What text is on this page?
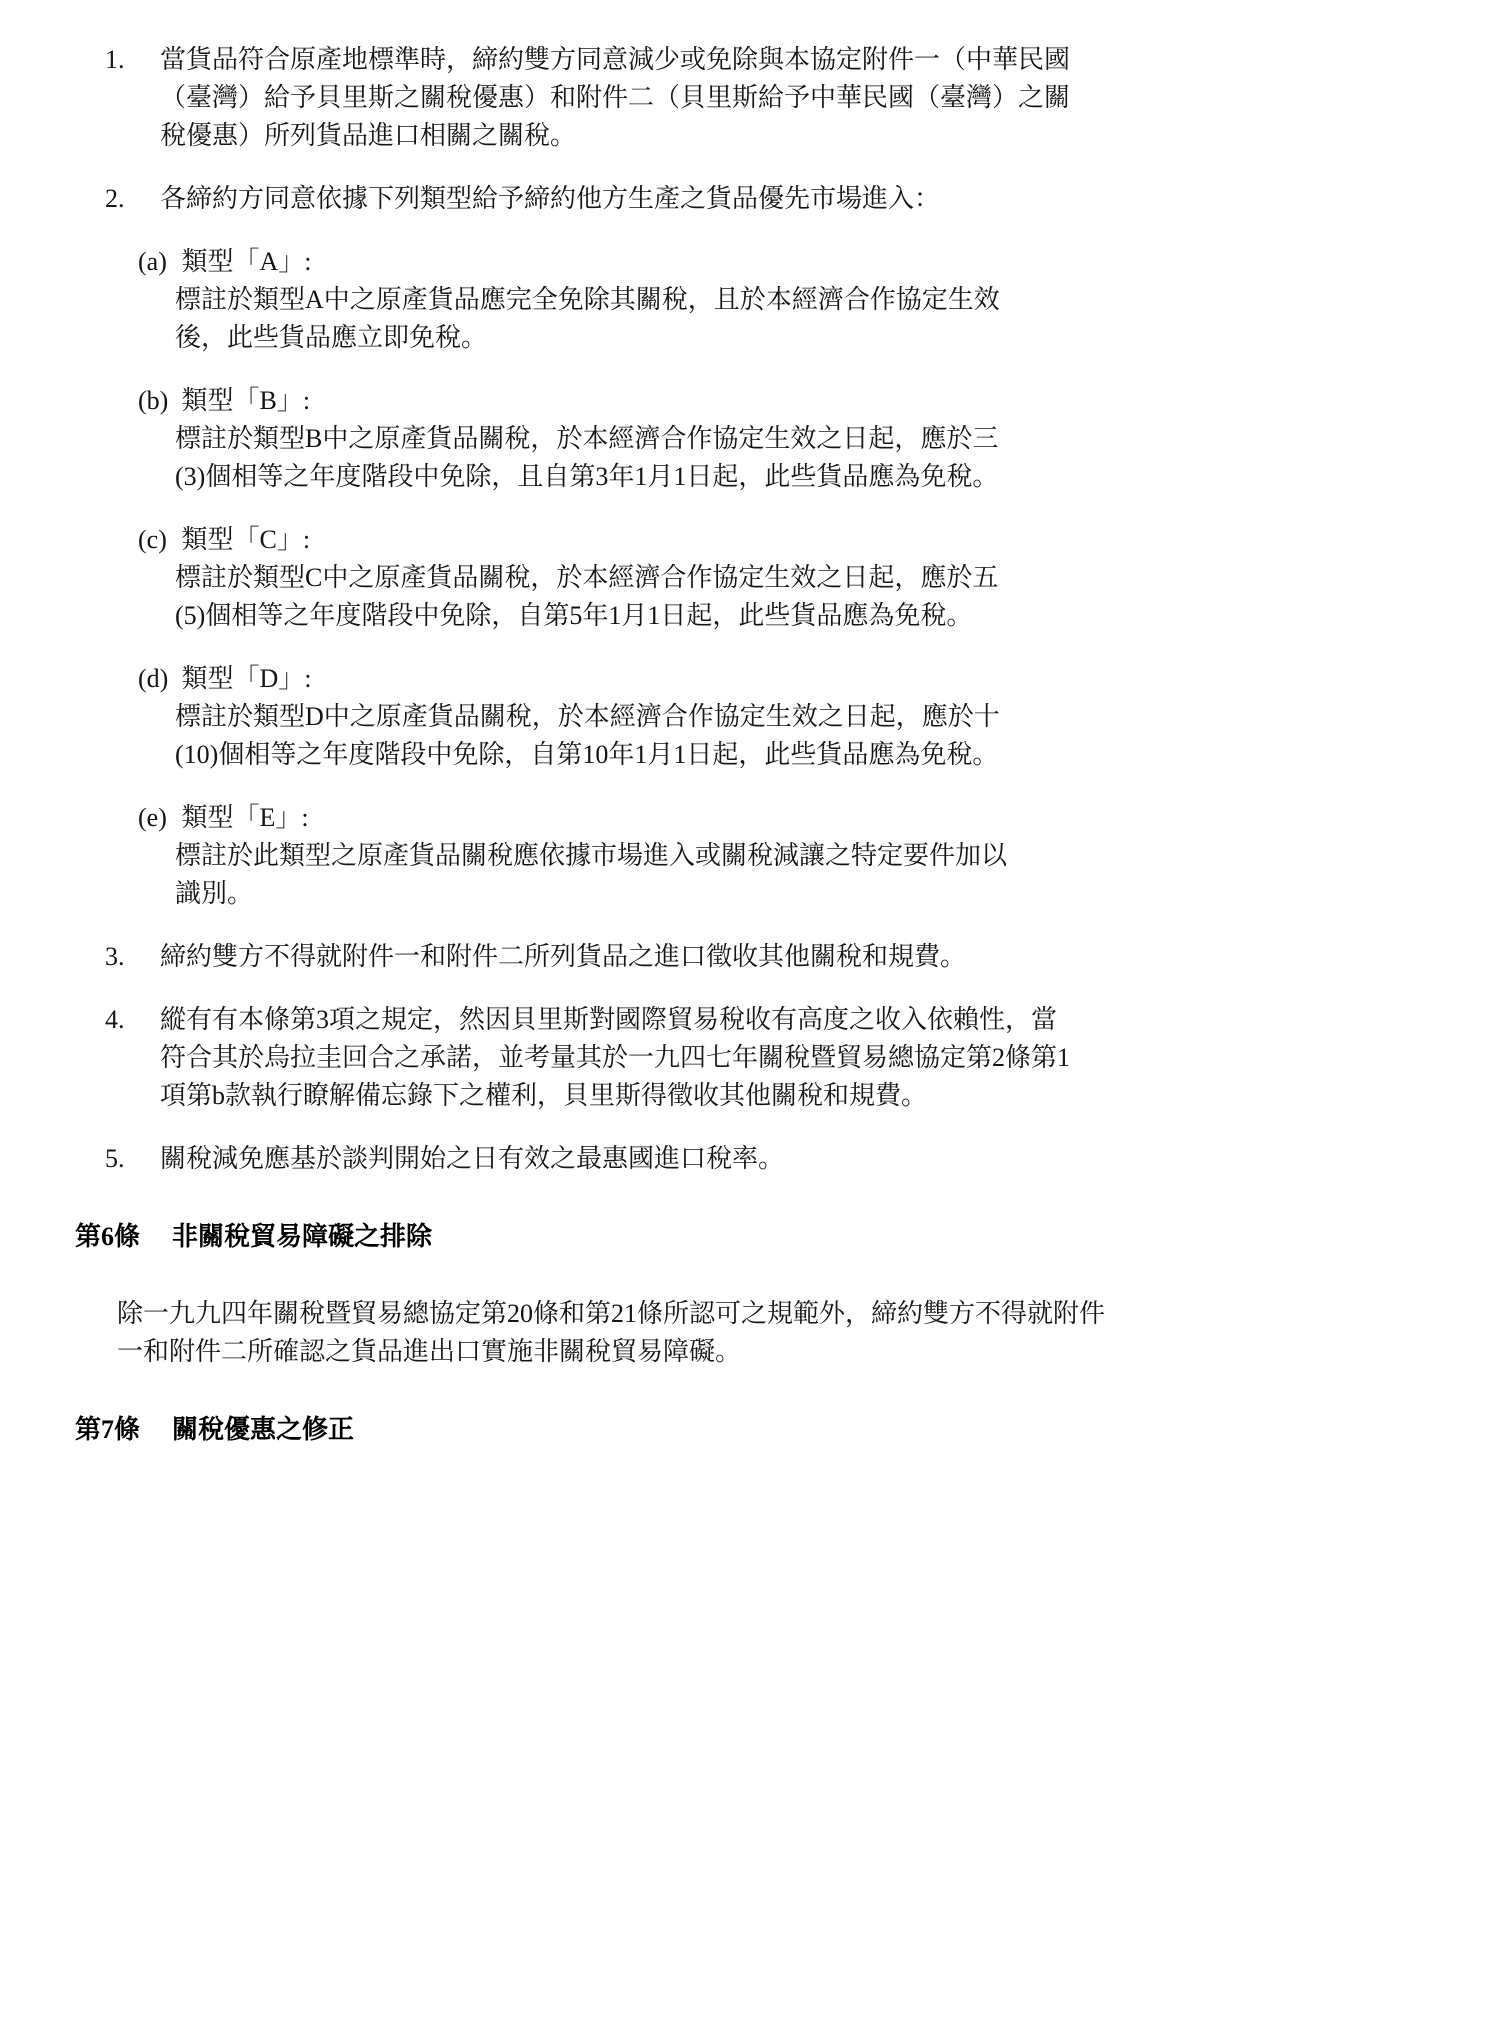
1.	當貨品符合原產地標準時，締約雙方同意減少或免除與本協定附件一（中華民國（臺灣）給予貝里斯之關稅優惠）和附件二（貝里斯給予中華民國（臺灣）之關稅優惠）所列貨品進口相關之關稅。
2.	各締約方同意依據下列類型給予締約他方生產之貨品優先市場進入：
(a) 類型「A」:
標註於類型A中之原產貨品應完全免除其關稅，且於本經濟合作協定生效後，此些貨品應立即免稅。
(b) 類型「B」:
標註於類型B中之原產貨品關稅，於本經濟合作協定生效之日起，應於三(3)個相等之年度階段中免除，且自第3年1月1日起，此些貨品應為免稅。
(c) 類型「C」:
標註於類型C中之原產貨品關稅，於本經濟合作協定生效之日起，應於五(5)個相等之年度階段中免除，自第5年1月1日起，此些貨品應為免稅。
(d) 類型「D」:
標註於類型D中之原產貨品關稅，於本經濟合作協定生效之日起，應於十(10)個相等之年度階段中免除，自第10年1月1日起，此些貨品應為免稅。
(e) 類型「E」:
標註於此類型之原產貨品關稅應依據市場進入或關稅減讓之特定要件加以識別。
3.	締約雙方不得就附件一和附件二所列貨品之進口徵收其他關稅和規費。
4.	縱有有本條第3項之規定，然因貝里斯對國際貿易稅收有高度之收入依賴性，當符合其於烏拉圭回合之承諾，並考量其於一九四七年關稅暨貿易總協定第2條第1項第b款執行瞭解備忘錄下之權利，貝里斯得徵收其他關稅和規費。
5.	關稅減免應基於談判開始之日有效之最惠國進口稅率。
第6條	非關稅貿易障礙之排除
除一九九四年關稅暨貿易總協定第20條和第21條所認可之規範外，締約雙方不得就附件一和附件二所確認之貨品進出口實施非關稅貿易障礙。
第7條	關稅優惠之修正
